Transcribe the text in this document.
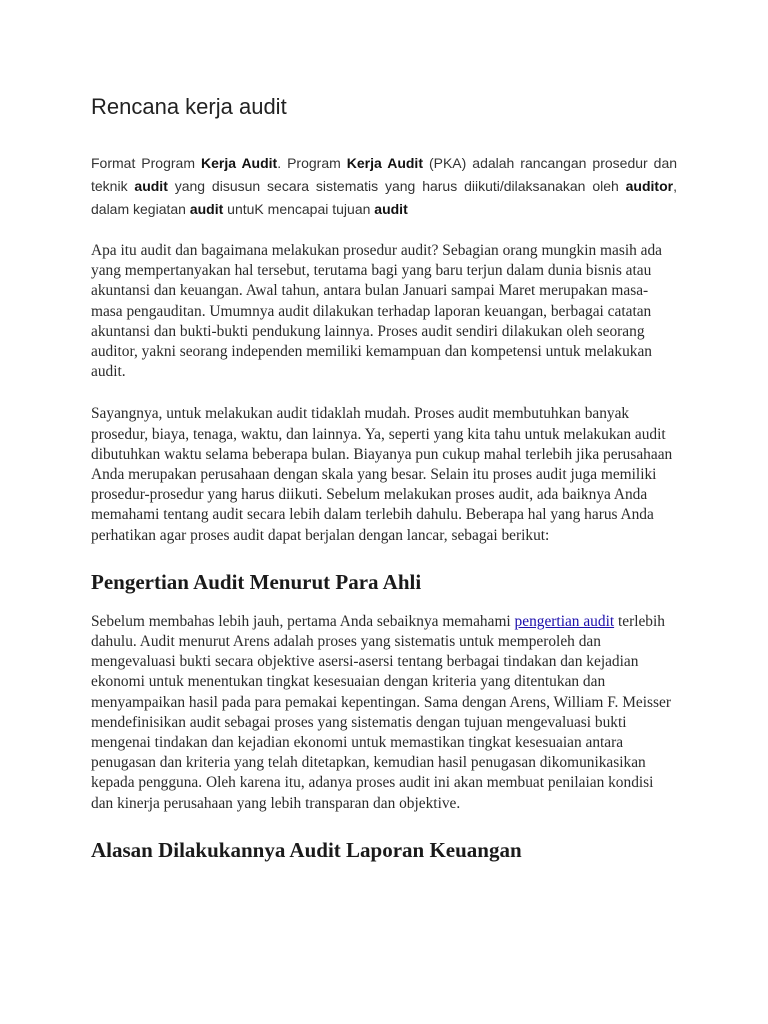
Rencana kerja audit

Format Program Kerja Audit. Program Kerja Audit (PKA) adalah rancangan prosedur dan teknik audit yang disusun secara sistematis yang harus diikuti/dilaksanakan oleh auditor, dalam kegiatan audit untuK mencapai tujuan audit

Apa itu audit dan bagaimana melakukan prosedur audit? Sebagian orang mungkin masih ada yang mempertanyakan hal tersebut, terutama bagi yang baru terjun dalam dunia bisnis atau akuntansi dan keuangan. Awal tahun, antara bulan Januari sampai Maret merupakan masa-masa pengauditan. Umumnya audit dilakukan terhadap laporan keuangan, berbagai catatan akuntansi dan bukti-bukti pendukung lainnya. Proses audit sendiri dilakukan oleh seorang auditor, yakni seorang independen memiliki kemampuan dan kompetensi untuk melakukan audit.

Sayangnya, untuk melakukan audit tidaklah mudah. Proses audit membutuhkan banyak prosedur, biaya, tenaga, waktu, dan lainnya. Ya, seperti yang kita tahu untuk melakukan audit dibutuhkan waktu selama beberapa bulan. Biayanya pun cukup mahal terlebih jika perusahaan Anda merupakan perusahaan dengan skala yang besar. Selain itu proses audit juga memiliki prosedur-prosedur yang harus diikuti. Sebelum melakukan proses audit, ada baiknya Anda memahami tentang audit secara lebih dalam terlebih dahulu. Beberapa hal yang harus Anda perhatikan agar proses audit dapat berjalan dengan lancar, sebagai berikut:

Pengertian Audit Menurut Para Ahli

Sebelum membahas lebih jauh, pertama Anda sebaiknya memahami pengertian audit terlebih dahulu. Audit menurut Arens adalah proses yang sistematis untuk memperoleh dan mengevaluasi bukti secara objektive asersi-asersi tentang berbagai tindakan dan kejadian ekonomi untuk menentukan tingkat kesesuaian dengan kriteria yang ditentukan dan menyampaikan hasil pada para pemakai kepentingan. Sama dengan Arens, William F. Meisser mendefinisikan audit sebagai proses yang sistematis dengan tujuan mengevaluasi bukti mengenai tindakan dan kejadian ekonomi untuk memastikan tingkat kesesuaian antara penugasan dan kriteria yang telah ditetapkan, kemudian hasil penugasan dikomunikasikan kepada pengguna. Oleh karena itu, adanya proses audit ini akan membuat penilaian kondisi dan kinerja perusahaan yang lebih transparan dan objektive.

Alasan Dilakukannya Audit Laporan Keuangan
